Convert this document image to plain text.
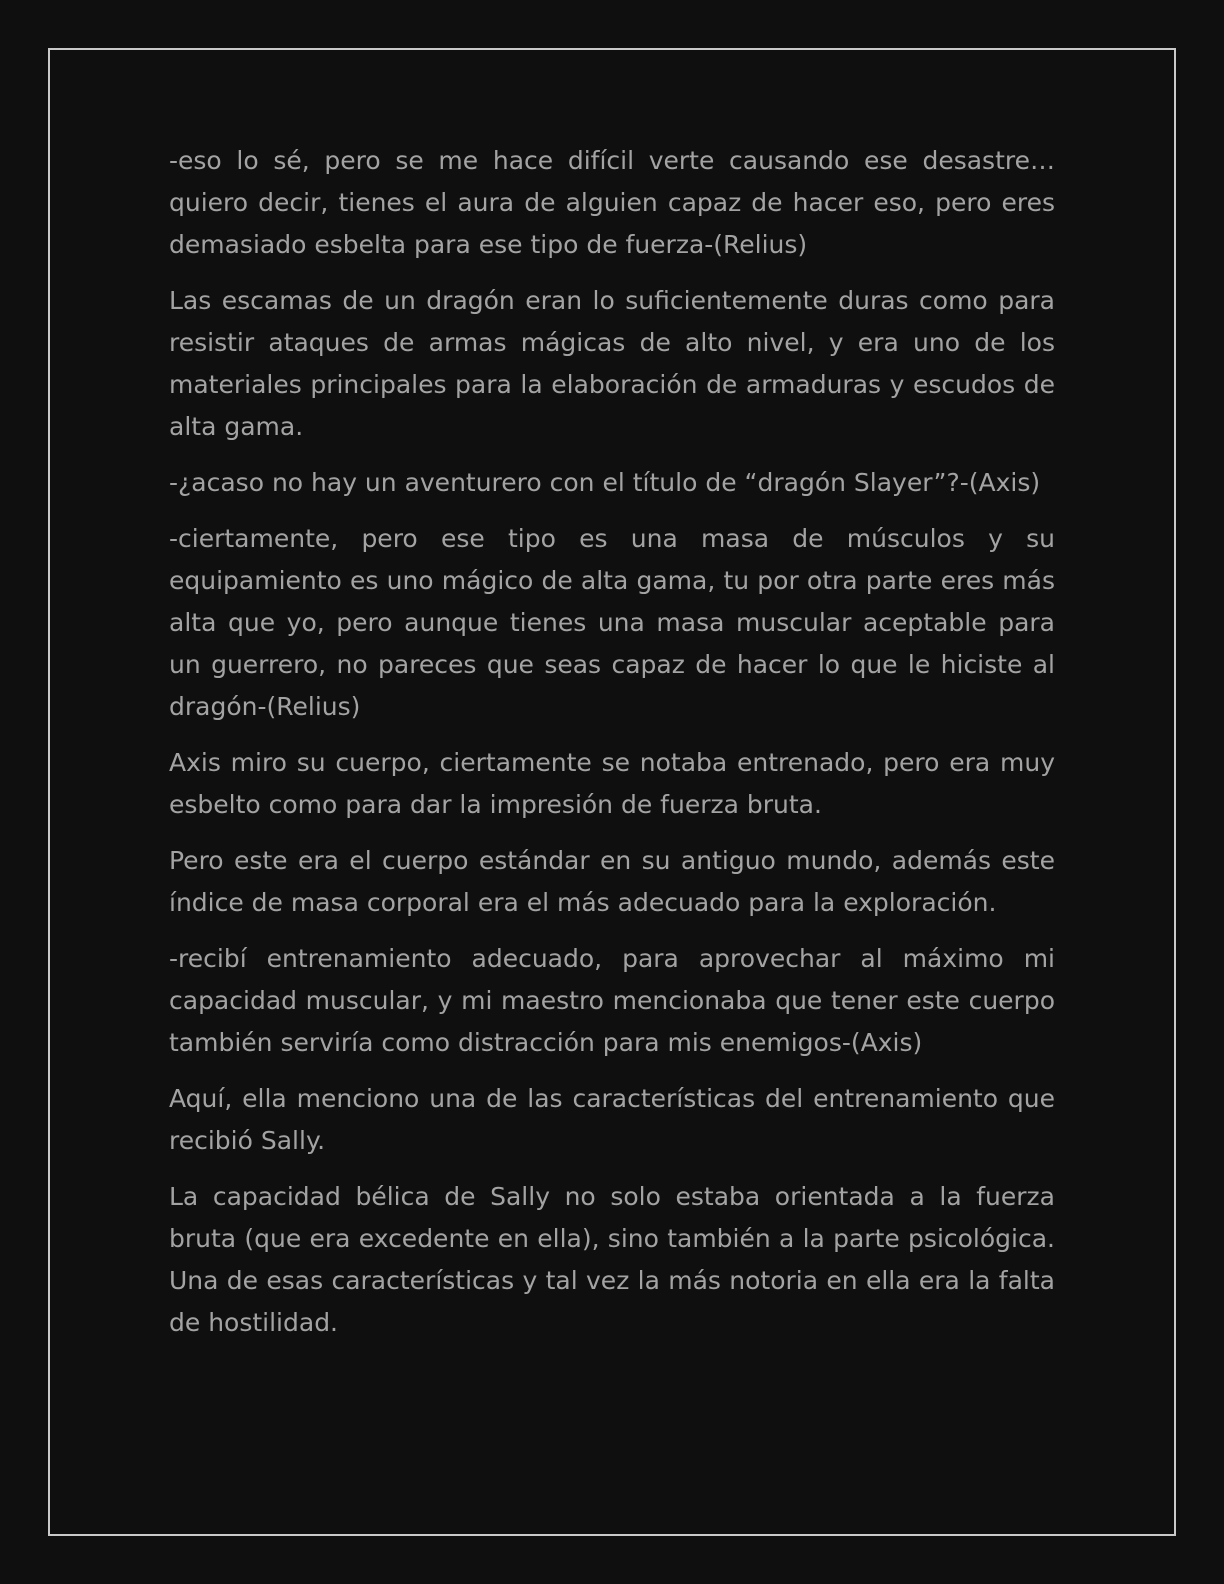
-eso lo sé, pero se me hace difícil verte causando ese desastre… quiero decir, tienes el aura de alguien capaz de hacer eso, pero eres demasiado esbelta para ese tipo de fuerza-(Relius)

Las escamas de un dragón eran lo suficientemente duras como para resistir ataques de armas mágicas de alto nivel, y era uno de los materiales principales para la elaboración de armaduras y escudos de alta gama.

-¿acaso no hay un aventurero con el título de “dragón Slayer”?-(Axis)

-ciertamente, pero ese tipo es una masa de músculos y su equipamiento es uno mágico de alta gama, tu por otra parte eres más alta que yo, pero aunque tienes una masa muscular aceptable para un guerrero, no pareces que seas capaz de hacer lo que le hiciste al dragón-(Relius)

Axis miro su cuerpo, ciertamente se notaba entrenado, pero era muy esbelto como para dar la impresión de fuerza bruta.

Pero este era el cuerpo estándar en su antiguo mundo, además este índice de masa corporal era el más adecuado para la exploración.

-recibí entrenamiento adecuado, para aprovechar al máximo mi capacidad muscular, y mi maestro mencionaba que tener este cuerpo también serviría como distracción para mis enemigos-(Axis)

Aquí, ella menciono una de las características del entrenamiento que recibió Sally.

La capacidad bélica de Sally no solo estaba orientada a la fuerza bruta (que era excedente en ella), sino también a la parte psicológica. Una de esas características y tal vez la más notoria en ella era la falta de hostilidad.
